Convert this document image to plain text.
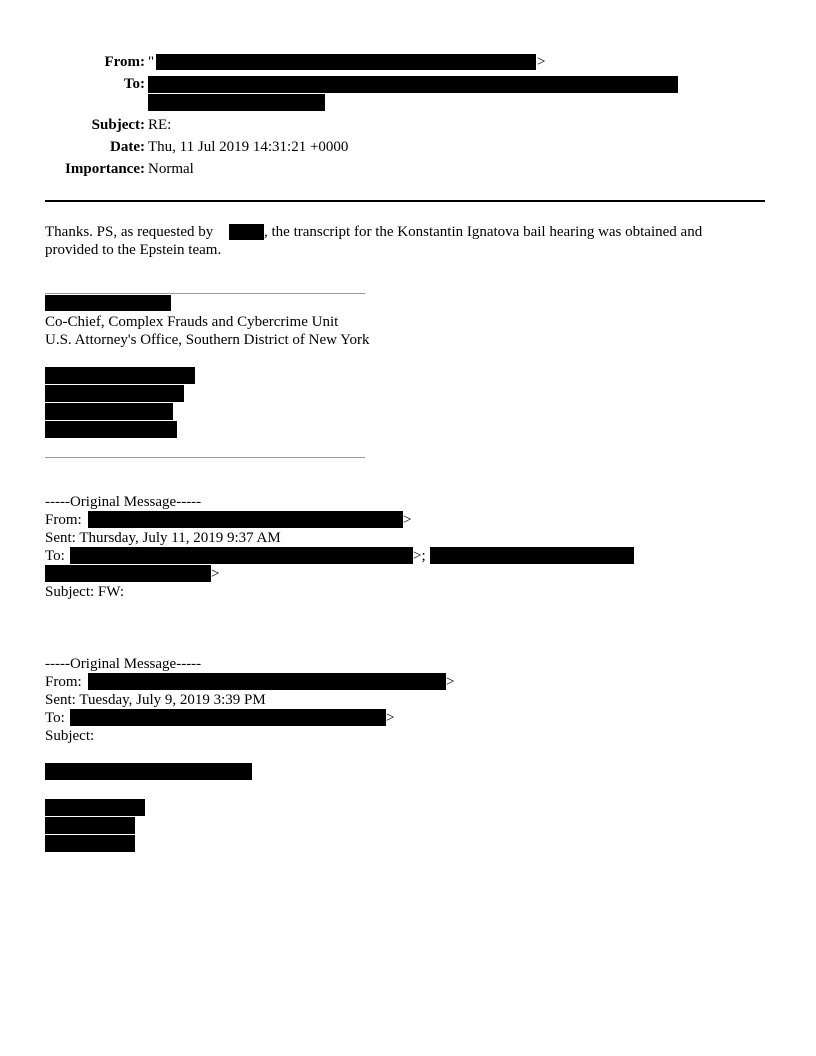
From: "	>
To:
Subject: RE:
Date: Thu, 11 Jul 2019 14:31:21 +0000
Importance: Normal
Thanks. PS, as requested by	, the transcript for the Konstantin Ignatova bail hearing was obtained and
provided to the Epstein team.
Co-Chief, Complex Frauds and Cybercrime Unit
U.S. Attorney's Office, Southern District of New York
-----Original Message-----
From:	>
Sent: Thursday, July 11, 2019 9:37 AM
To:	>;
>
Subject: FW:
-----Original Message-----
From:	>
Sent: Tuesday, July 9, 2019 3:39 PM
To:	>
Subject:
